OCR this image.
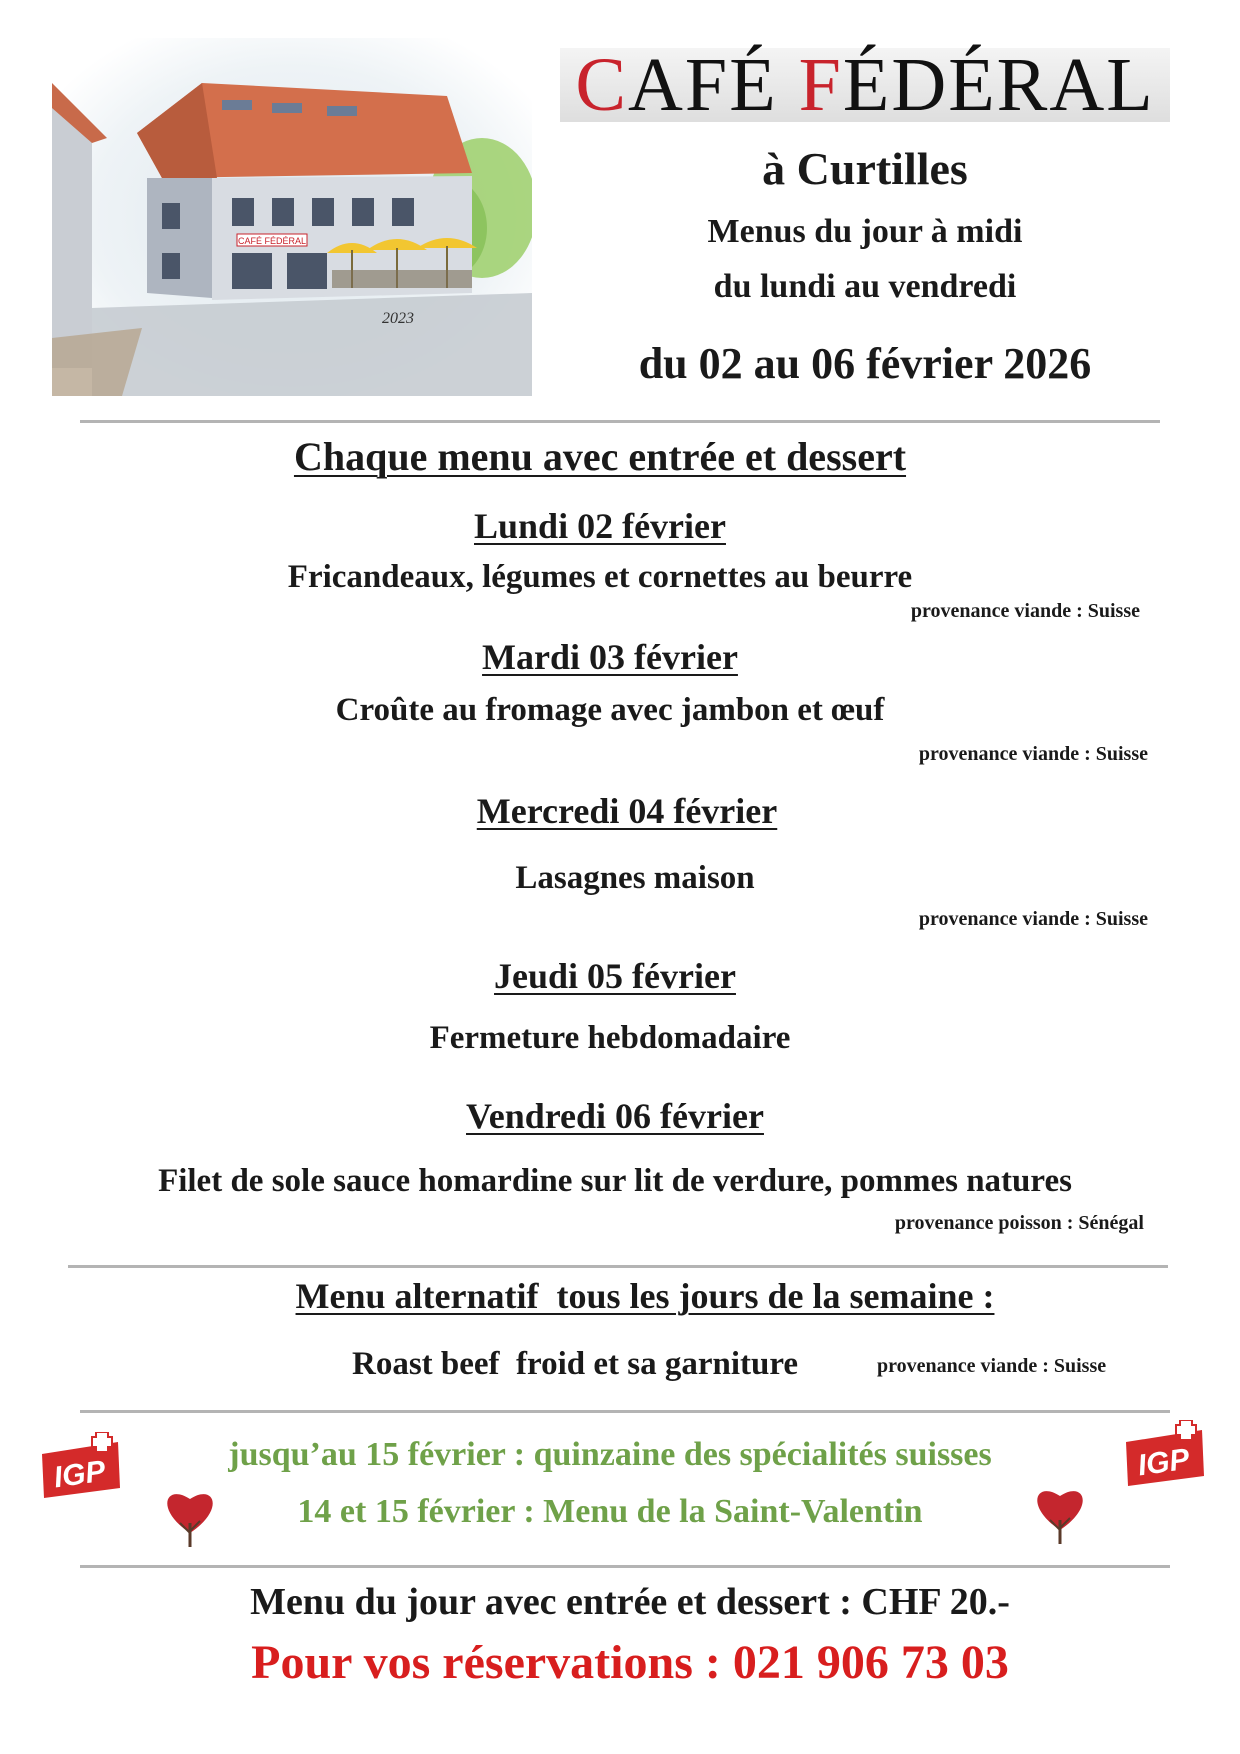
CAFÉ FÉDÉRAL
2023
C AFÉ F ÉDÉRAL
à Curtilles
Menus du jour à midi
du lundi au vendredi
du 02 au 06 février 2026
Chaque menu avec entrée et dessert
Lundi 02 février
Fricandeaux, légumes et cornettes au beurre
provenance viande : Suisse
Mardi 03 février
Croûte au fromage avec jambon et œuf
provenance viande : Suisse
Mercredi 04 février
Lasagnes maison
provenance viande : Suisse
Jeudi 05 février
Fermeture hebdomadaire
Vendredi 06 février
Filet de sole sauce homardine sur lit de verdure, pommes natures
provenance poisson : Sénégal
Menu alternatif  tous les jours de la semaine :
Roast beef  froid et sa garniture	provenance viande : Suisse
IGP	IGP
jusqu’au 15 février : quinzaine des spécialités suisses
14 et 15 février : Menu de la Saint-Valentin
Menu du jour avec entrée et dessert : CHF 20.-
Pour vos réservations : 021 906 73 03
